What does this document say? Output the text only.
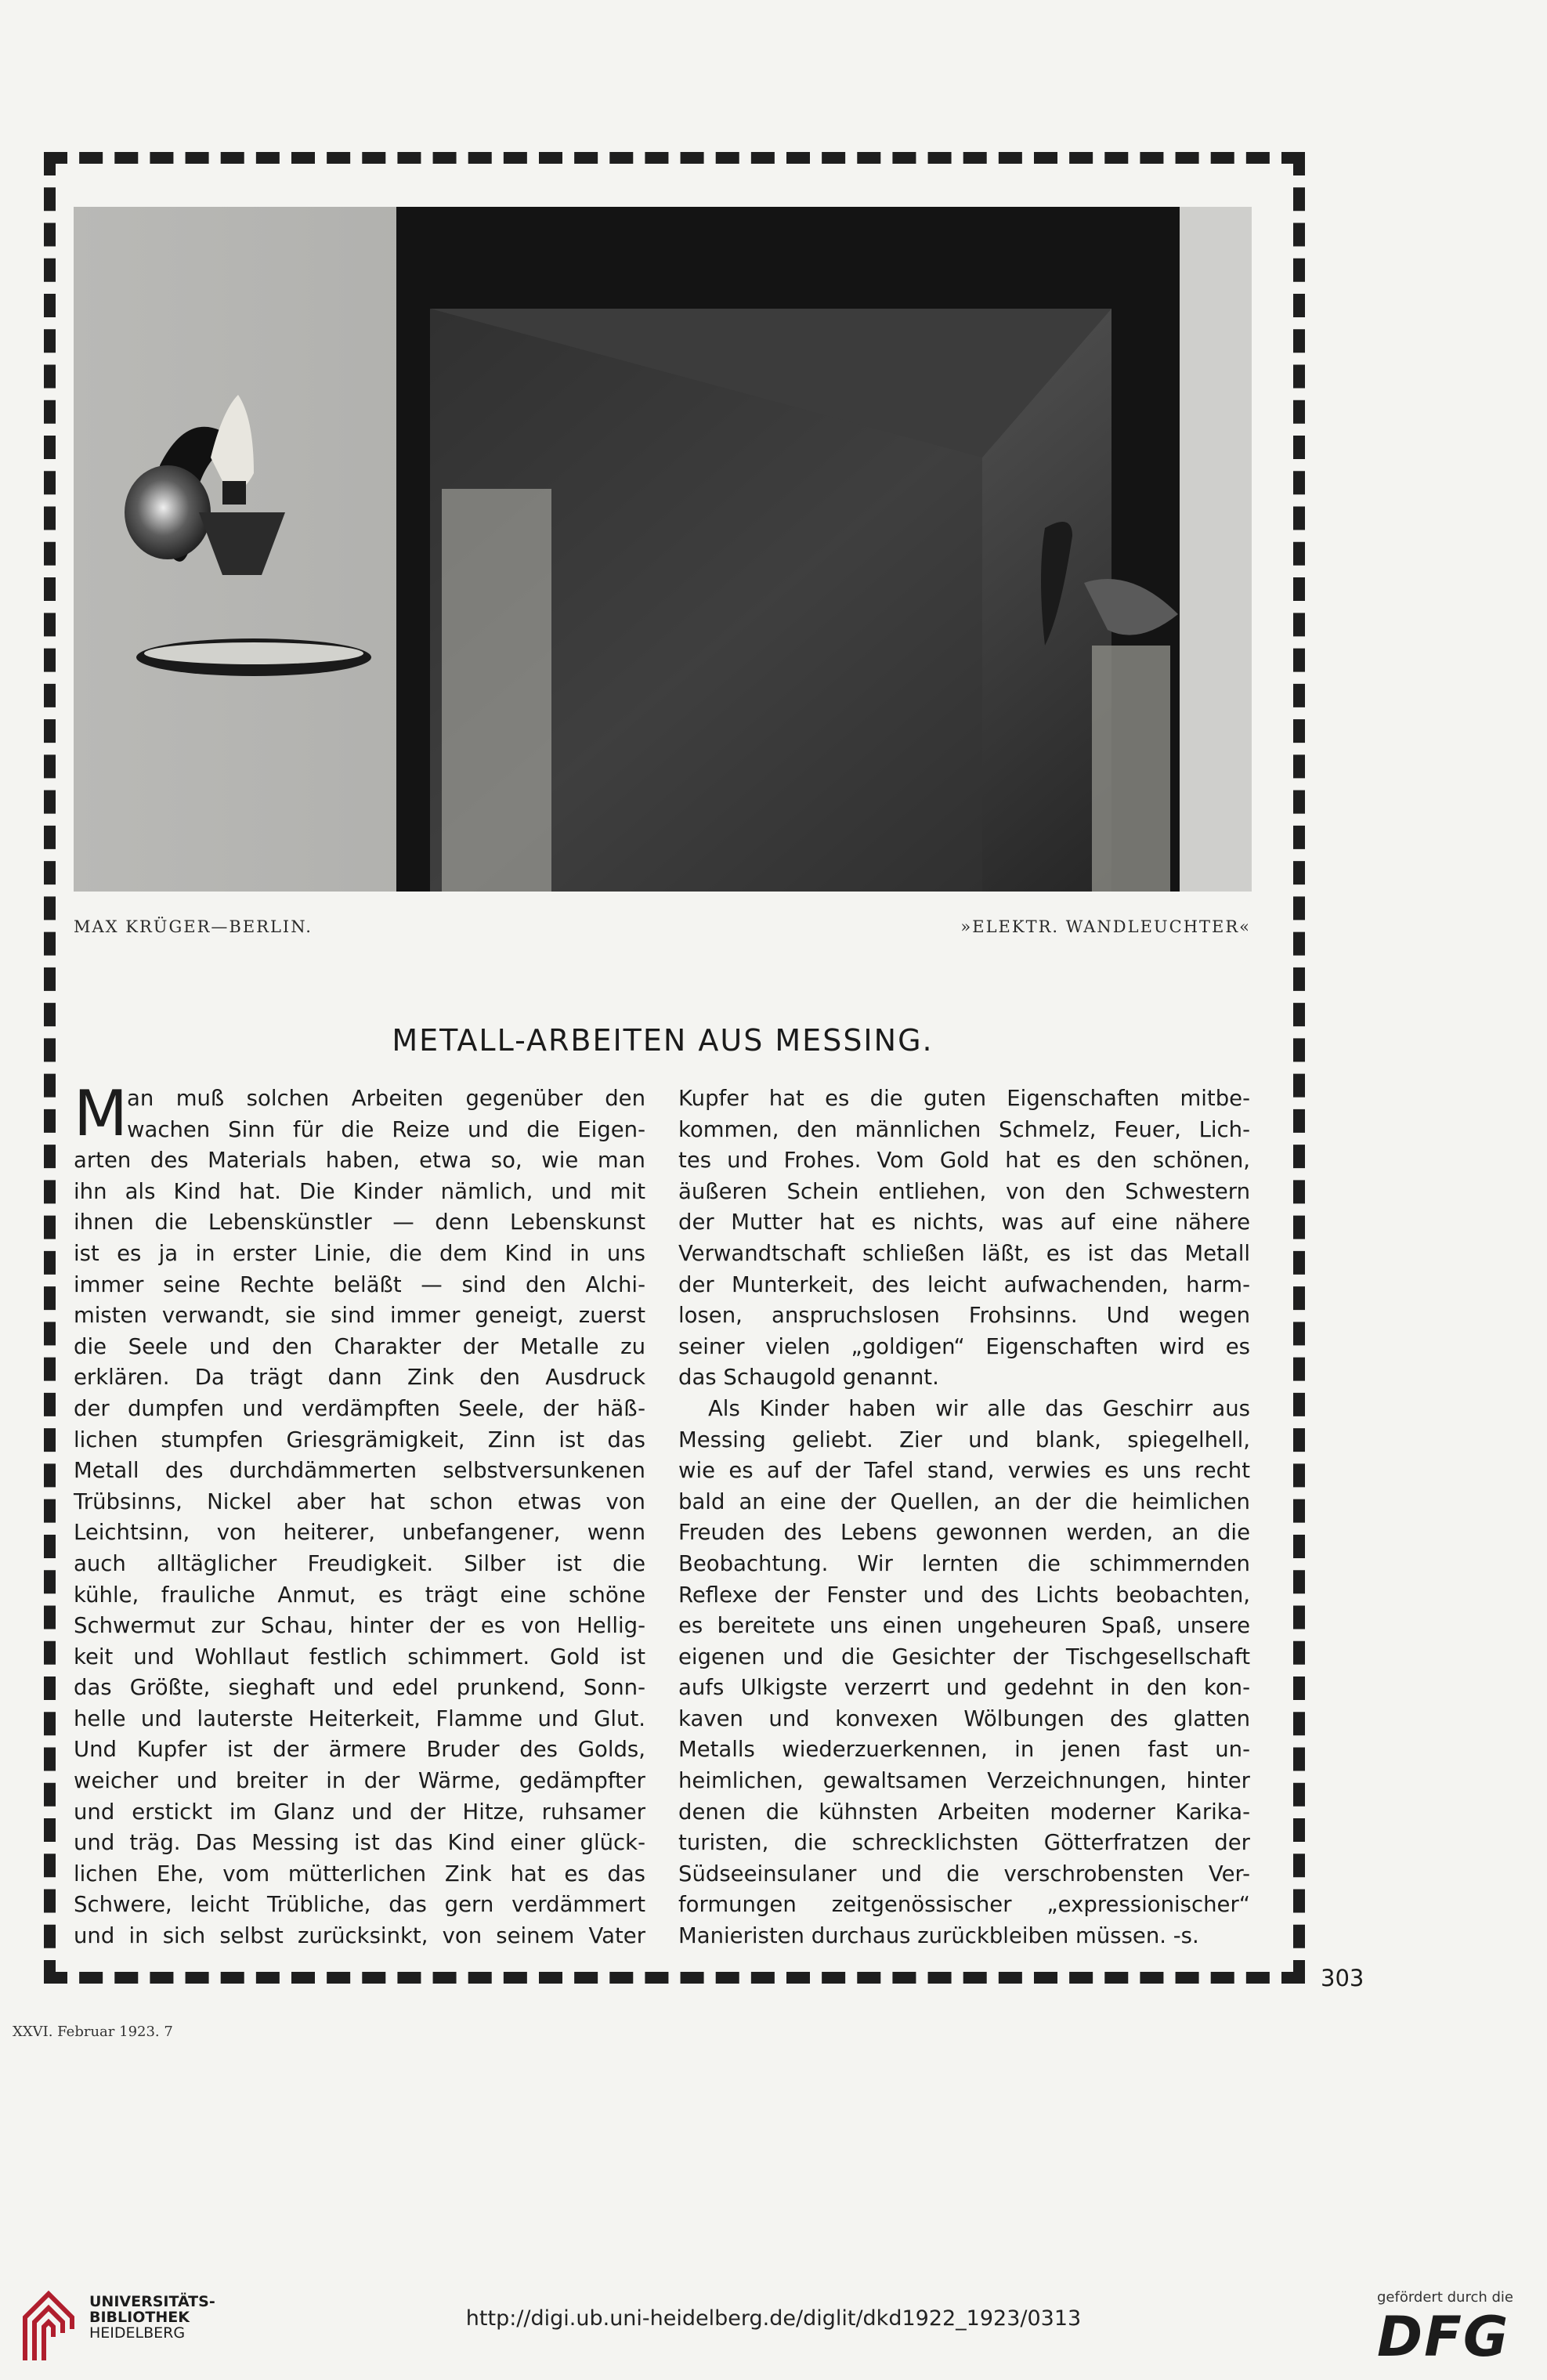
MAX KRÜGER—BERLIN.	»ELEKTR. WANDLEUCHTER«
METALL-ARBEITEN AUS MESSING.
M
an muß solchen Arbeiten gegenüber den
wachen Sinn für die Reize und die Eigen-
arten des Materials haben, etwa so, wie man
ihn als Kind hat. Die Kinder nämlich, und mit
ihnen die Lebenskünstler — denn Lebenskunst
ist es ja in erster Linie, die dem Kind in uns
immer seine Rechte beläßt — sind den Alchi-
misten verwandt, sie sind immer geneigt, zuerst
die Seele und den Charakter der Metalle zu
erklären. Da trägt dann Zink den Ausdruck
der dumpfen und verdämpften Seele, der häß-
lichen stumpfen Griesgrämigkeit, Zinn ist das
Metall des durchdämmerten selbstversunkenen
Trübsinns, Nickel aber hat schon etwas von
Leichtsinn, von heiterer, unbefangener, wenn
auch alltäglicher Freudigkeit. Silber ist die
kühle, frauliche Anmut, es trägt eine schöne
Schwermut zur Schau, hinter der es von Hellig-
keit und Wohllaut festlich schimmert. Gold ist
das Größte, sieghaft und edel prunkend, Sonn-
helle und lauterste Heiterkeit, Flamme und Glut.
Und Kupfer ist der ärmere Bruder des Golds,
weicher und breiter in der Wärme, gedämpfter
und erstickt im Glanz und der Hitze, ruhsamer
und träg. Das Messing ist das Kind einer glück-
lichen Ehe, vom mütterlichen Zink hat es das
Schwere, leicht Trübliche, das gern verdämmert
und in sich selbst zurücksinkt, von seinem Vater
Kupfer hat es die guten Eigenschaften mitbe-
kommen, den männlichen Schmelz, Feuer, Lich-
tes und Frohes. Vom Gold hat es den schönen,
äußeren Schein entliehen, von den Schwestern
der Mutter hat es nichts, was auf eine nähere
Verwandtschaft schließen läßt, es ist das Metall
der Munterkeit, des leicht aufwachenden, harm-
losen, anspruchslosen Frohsinns. Und wegen
seiner vielen „goldigen“ Eigenschaften wird es
das Schaugold genannt.
Als Kinder haben wir alle das Geschirr aus
Messing geliebt. Zier und blank, spiegelhell,
wie es auf der Tafel stand, verwies es uns recht
bald an eine der Quellen, an der die heimlichen
Freuden des Lebens gewonnen werden, an die
Beobachtung. Wir lernten die schimmernden
Reflexe der Fenster und des Lichts beobachten,
es bereitete uns einen ungeheuren Spaß, unsere
eigenen und die Gesichter der Tischgesellschaft
aufs Ulkigste verzerrt und gedehnt in den kon-
kaven und konvexen Wölbungen des glatten
Metalls wiederzuerkennen, in jenen fast un-
heimlichen, gewaltsamen Verzeichnungen, hinter
denen die kühnsten Arbeiten moderner Karika-
turisten, die schrecklichsten Götterfratzen der
Südseeinsulaner und die verschrobensten Ver-
formungen zeitgenössischer „expressionischer“
Manieristen durchaus zurückbleiben müssen. -s.
303
XXVI. Februar 1923. 7
UNIVERSITÄTS-
BIBLIOTHEK
HEIDELBERG
http://digi.ub.uni-heidelberg.de/diglit/dkd1922_1923/0313
gefördert durch die
DFG
